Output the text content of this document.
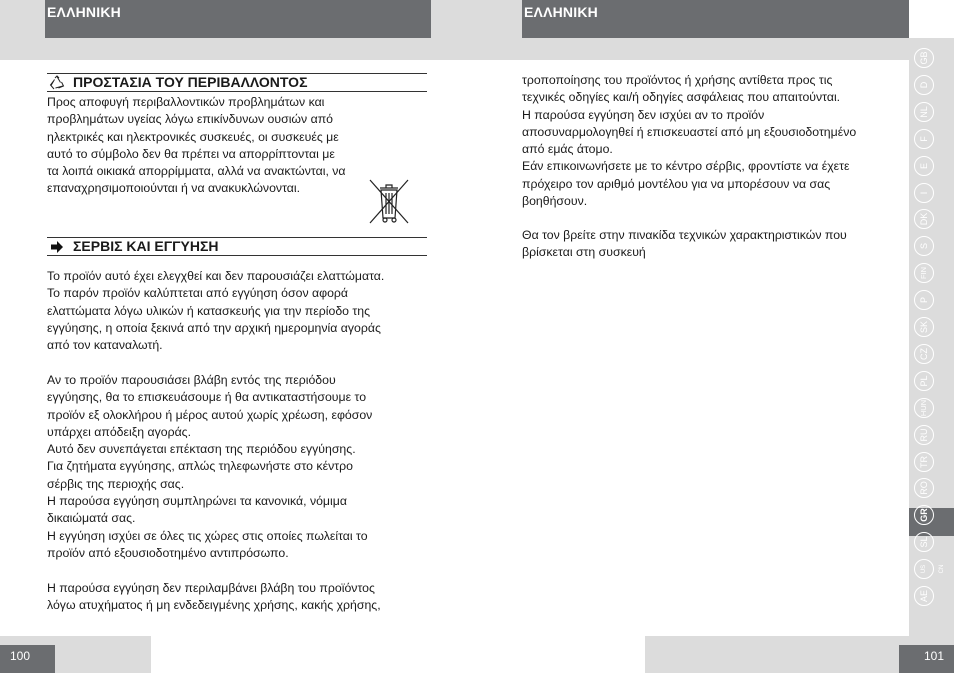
ΕΛΛΗΝΙΚΗ	ΕΛΛΗΝΙΚΗ
ΠΡΟΣΤΑΣΙΑ ΤΟΥ ΠΕΡΙΒΑΛΛΟΝΤΟΣ

Προς αποφυγή περιβαλλοντικών προβλημάτων και
προβλημάτων υγείας λόγω επικίνδυνων ουσιών από
ηλεκτρικές και ηλεκτρονικές συσκευές, οι συσκευές με
αυτό το σύμβολο δεν θα πρέπει να απορρίπτονται με
τα λοιπά οικιακά απορρίμματα, αλλά να ανακτώνται, να
επαναχρησιμοποιούνται ή να ανακυκλώνονται.

ΣΕΡΒΙΣ ΚΑΙ ΕΓΓΥΗΣΗ

Το προϊόν αυτό έχει ελεγχθεί και δεν παρουσιάζει ελαττώματα.
Το παρόν προϊόν καλύπτεται από εγγύηση όσον αφορά
ελαττώματα λόγω υλικών ή κατασκευής για την περίοδο της
εγγύησης, η οποία ξεκινά από την αρχική ημερομηνία αγοράς
από τον καταναλωτή.

Αν το προϊόν παρουσιάσει βλάβη εντός της περιόδου
εγγύησης, θα το επισκευάσουμε ή θα αντικαταστήσουμε το
προϊόν εξ ολοκλήρου ή μέρος αυτού χωρίς χρέωση, εφόσον
υπάρχει απόδειξη αγοράς.
Αυτό δεν συνεπάγεται επέκταση της περιόδου εγγύησης.
Για ζητήματα εγγύησης, απλώς τηλεφωνήστε στο κέντρο
σέρβις της περιοχής σας.
Η παρούσα εγγύηση συμπληρώνει τα κανονικά, νόμιμα
δικαιώματά σας.
Η εγγύηση ισχύει σε όλες τις χώρες στις οποίες πωλείται το
προϊόν από εξουσιοδοτημένο αντιπρόσωπο.

Η παρούσα εγγύηση δεν περιλαμβάνει βλάβη του προϊόντος
λόγω ατυχήματος ή μη ενδεδειγμένης χρήσης, κακής χρήσης,

τροποποίησης του προϊόντος ή χρήσης αντίθετα προς τις
τεχνικές οδηγίες και/ή οδηγίες ασφάλειας που απαιτούνται.
Η παρούσα εγγύηση δεν ισχύει αν το προϊόν
αποσυναρμολογηθεί ή επισκευαστεί από μη εξουσιοδοτημένο
από εμάς άτομο.
Εάν επικοινωνήσετε με το κέντρο σέρβις, φροντίστε να έχετε
πρόχειρο τον αριθμό μοντέλου για να μπορέσουν να σας
βοηθήσουν.

Θα τον βρείτε στην πινακίδα τεχνικών χαρακτηριστικών που
βρίσκεται στη συσκευή

GB
D
NL
F
E
I
DK
S
FIN
P
SK
CZ
PL
HUN
RU
TR
RO
GR
SL
US CN
AE
100	101
